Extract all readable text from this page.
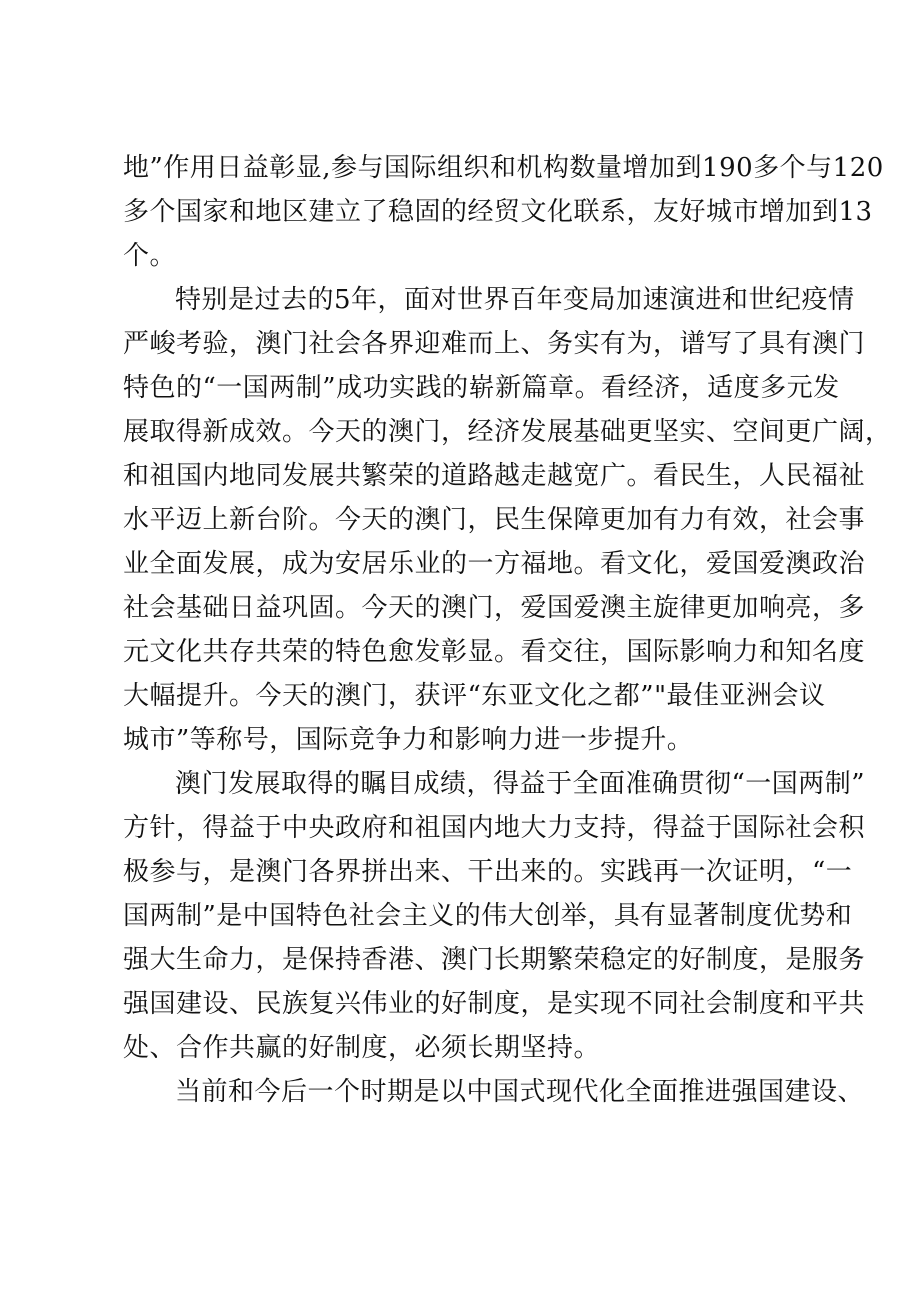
地”作用日益彰显,参与国际组织和机构数量增加到190多个与120
多个国家和地区建立了稳固的经贸文化联系，友好城市增加到13
个。
特别是过去的5年，面对世界百年变局加速演进和世纪疫情
严峻考验，澳门社会各界迎难而上、务实有为，谱写了具有澳门
特色的“一国两制”成功实践的崭新篇章。看经济，适度多元发
展取得新成效。今天的澳门，经济发展基础更坚实、空间更广阔，
和祖国内地同发展共繁荣的道路越走越宽广。看民生，人民福祉
水平迈上新台阶。今天的澳门，民生保障更加有力有效，社会事
业全面发展，成为安居乐业的一方福地。看文化，爱国爱澳政治
社会基础日益巩固。今天的澳门，爱国爱澳主旋律更加响亮，多
元文化共存共荣的特色愈发彰显。看交往，国际影响力和知名度
大幅提升。今天的澳门，获评“东亚文化之都”"最佳亚洲会议
城市”等称号，国际竞争力和影响力进一步提升。
澳门发展取得的瞩目成绩，得益于全面准确贯彻“一国两制”
方针，得益于中央政府和祖国内地大力支持，得益于国际社会积
极参与，是澳门各界拼出来、干出来的。实践再一次证明，“一
国两制”是中国特色社会主义的伟大创举，具有显著制度优势和
强大生命力，是保持香港、澳门长期繁荣稳定的好制度，是服务
强国建设、民族复兴伟业的好制度，是实现不同社会制度和平共
处、合作共赢的好制度，必须长期坚持。
当前和今后一个时期是以中国式现代化全面推进强国建设、
